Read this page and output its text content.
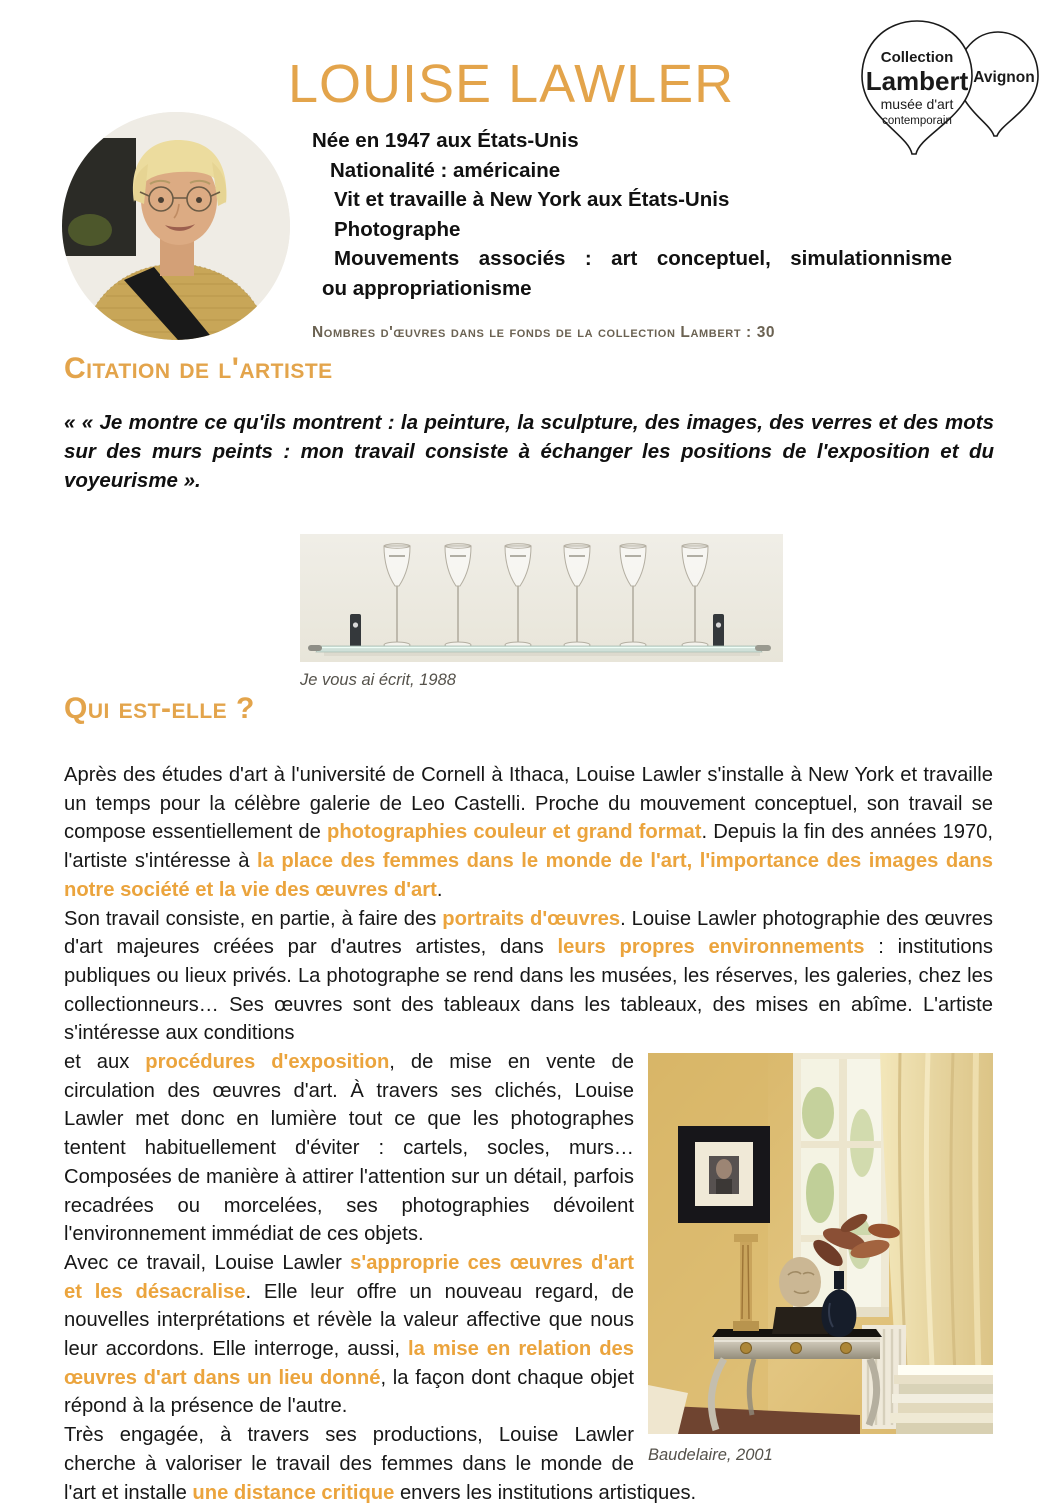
Collection
Lambert
musée d'art
contemporain
Avignon
LOUISE LAWLER
Née en 1947 aux États-Unis
Nationalité : américaine
Vit et travaille à New York aux États-Unis
Photographe
Mouvements associés : art conceptuel, simulationnisme
ou appropriationisme
Nombres d'œuvres dans le fonds de la collection Lambert : 30
Citation de l'artiste
« « Je montre ce qu'ils montrent : la peinture, la sculpture, des images, des verres et des mots sur des murs peints : mon travail consiste à échanger les positions de l'exposition et du voyeurisme ».
Je vous ai écrit, 1988
Qui est-elle ?

Après des études d'art à l'université de Cornell à Ithaca, Louise Lawler s'installe à New York et travaille un temps pour la célèbre galerie de Leo Castelli. Proche du mouvement conceptuel, son travail se compose essentiellement de photographies couleur et grand format. Depuis la fin des années 1970, l'artiste s'intéresse à la place des femmes dans le monde de l'art, l'importance des images dans notre société et la vie des œuvres d'art.

Son travail consiste, en partie, à faire des portraits d'œuvres. Louise Lawler photographie des œuvres d'art majeures créées par d'autres artistes, dans leurs propres environnements : institutions publiques ou lieux privés. La photographe se rend dans les musées, les réserves, les galeries, chez les collectionneurs… Ses œuvres sont des tableaux dans les tableaux, des mises en abîme. L'artiste s'intéresse aux conditions

Baudelaire, 2001

et aux procédures d'exposition, de mise en vente de circulation des œuvres d'art. À travers ses clichés, Louise Lawler met donc en lumière tout ce que les photographes tentent habituellement d'éviter : cartels, socles, murs… Composées de manière à attirer l'attention sur un détail, parfois recadrées ou morcelées, ses photographies dévoilent l'environnement immédiat de ces objets.

Avec ce travail, Louise Lawler s'approprie ces œuvres d'art et les désacralise. Elle leur offre un nouveau regard, de nouvelles interprétations et révèle la valeur affective que nous leur accordons. Elle interroge, aussi, la mise en relation des œuvres d'art dans un lieu donné, la façon dont chaque objet répond à la présence de l'autre.

Très engagée, à travers ses productions, Louise Lawler cherche à valoriser le travail des femmes dans le monde de l'art et installe une distance critique envers les institutions artistiques.
